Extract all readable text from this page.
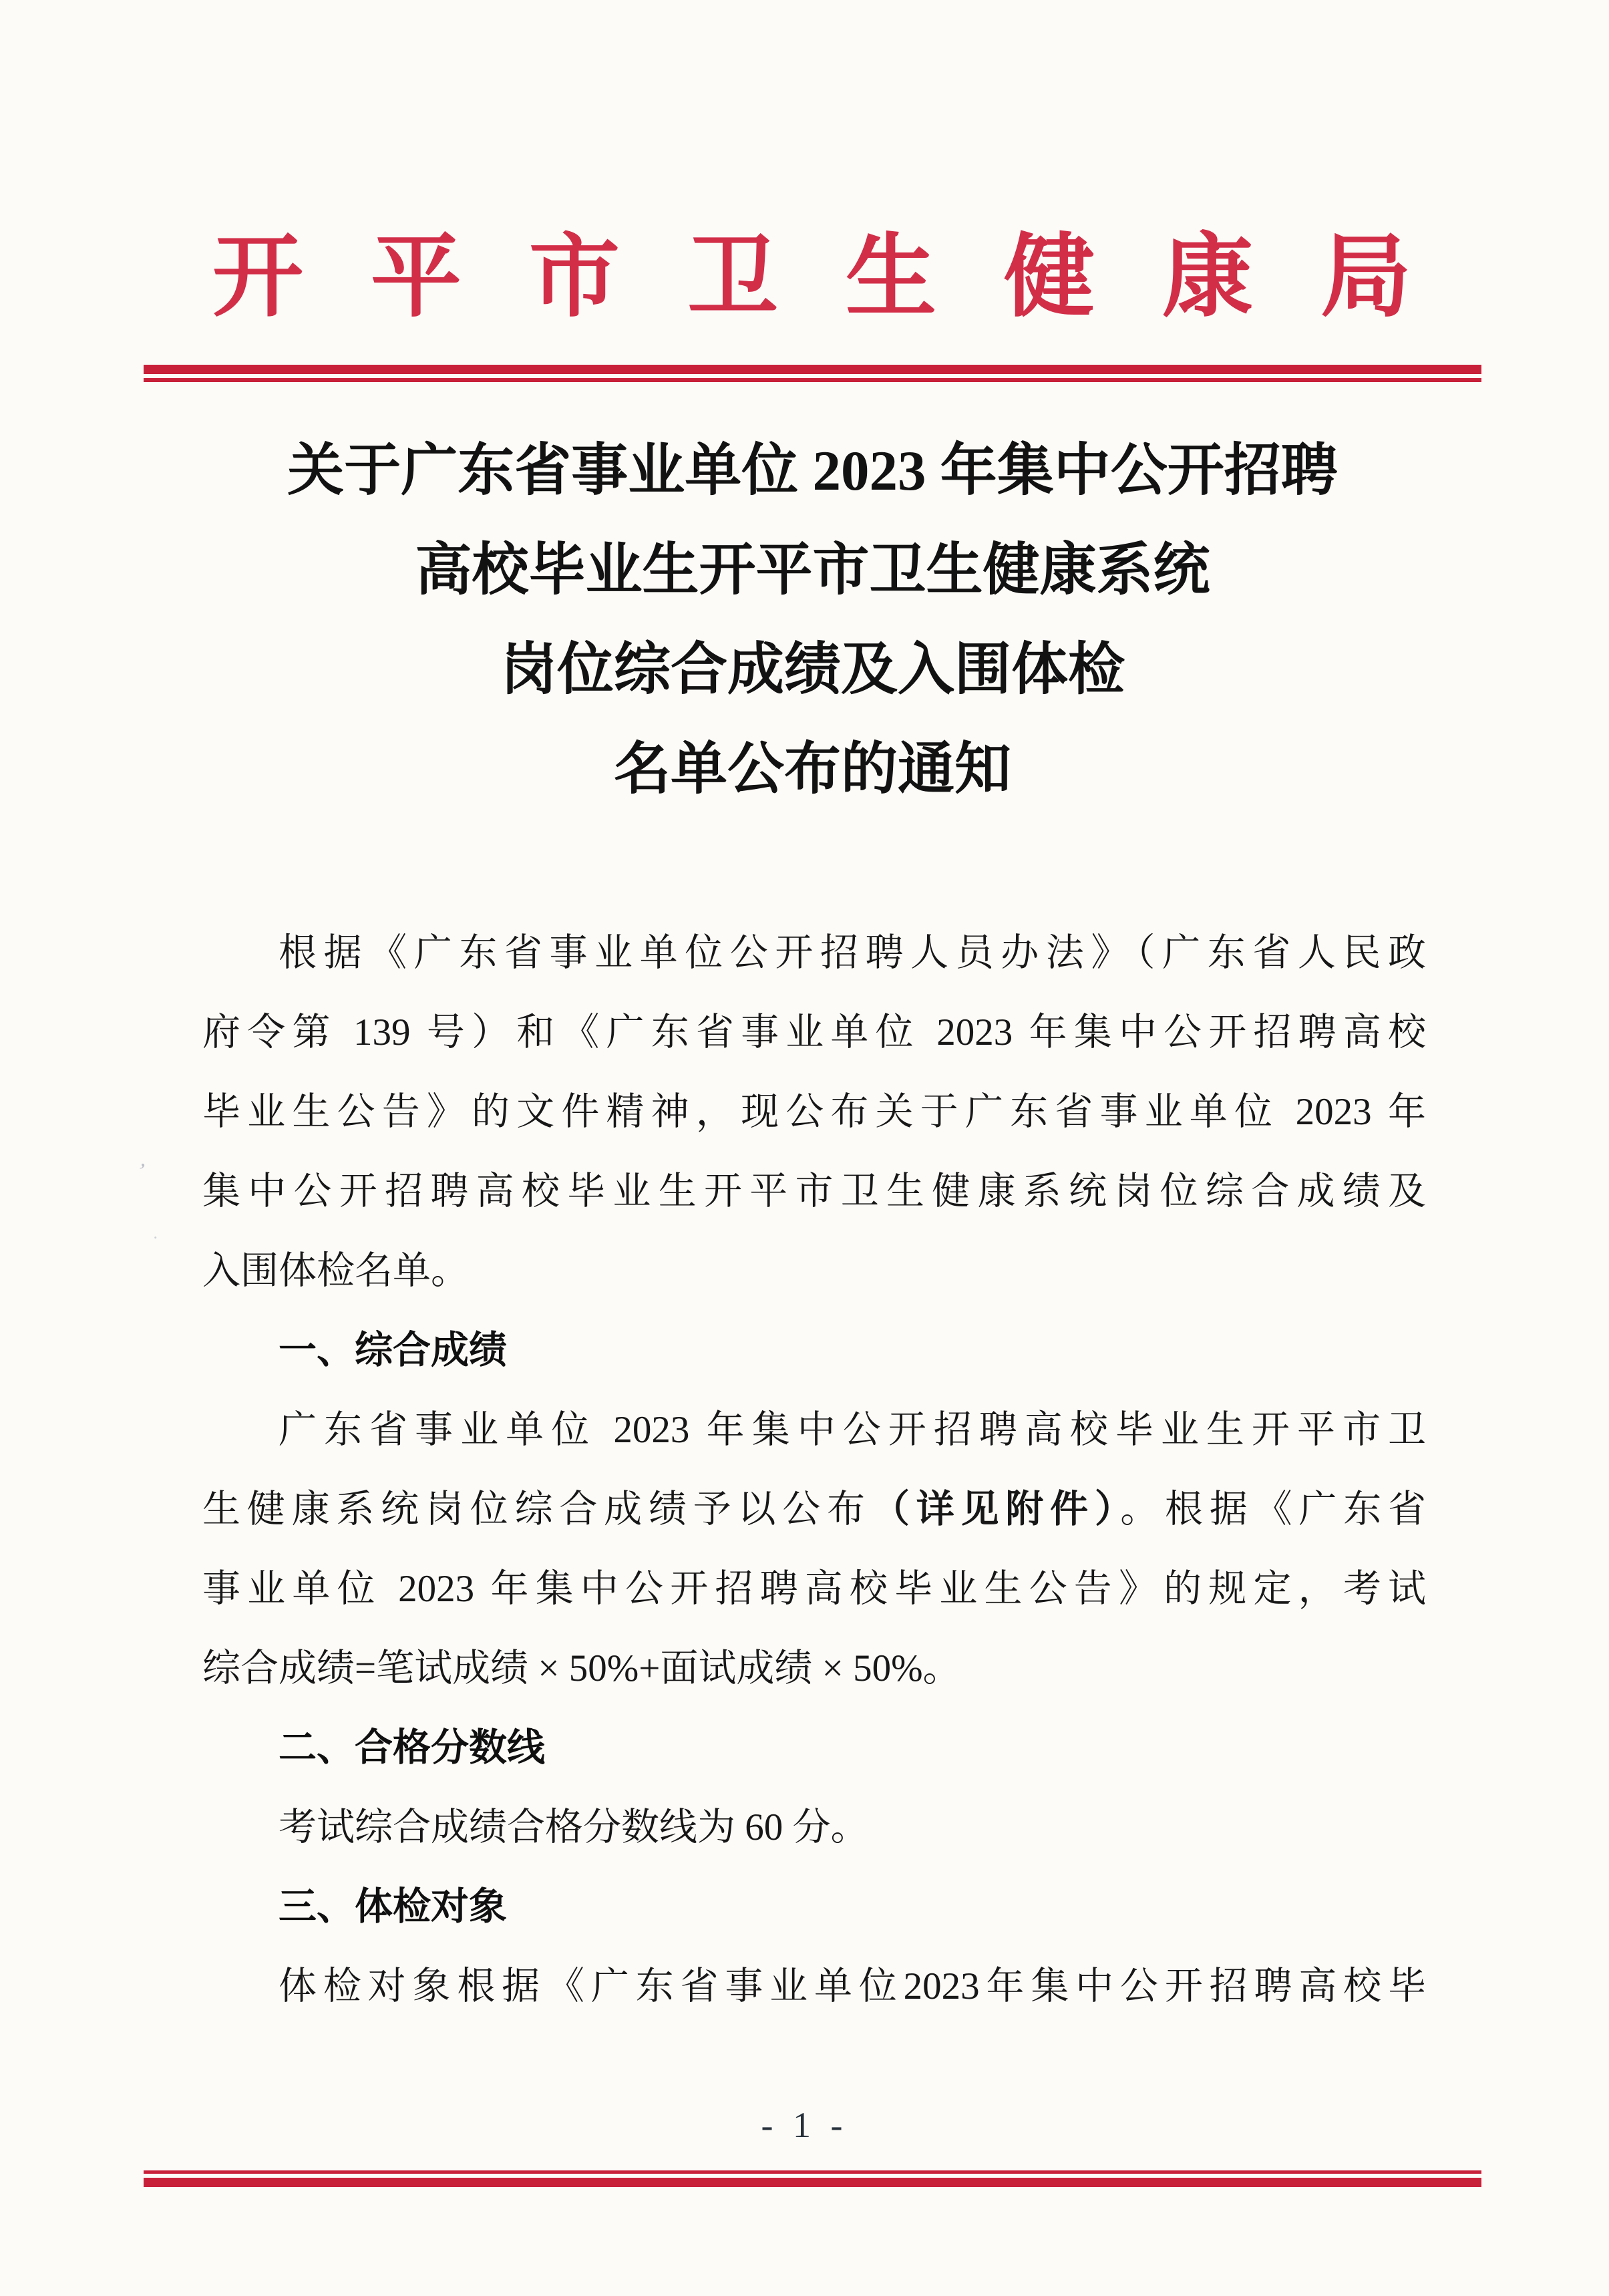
开 平 市 卫 生 健 康 局
关于广东省事业单位 2023 年集中公开招聘
高校毕业生开平市卫生健康系统
岗位综合成绩及入围体检
名单公布的通知
根据《广东省事业单位公开招聘人员办法》（广东省人民政
府令第 139 号）和《广东省事业单位 2023 年集中公开招聘高校
毕业生公告》的文件精神，现公布关于广东省事业单位 2023 年
集中公开招聘高校毕业生开平市卫生健康系统岗位综合成绩及
入围体检名单。
一、综合成绩
广东省事业单位 2023 年集中公开招聘高校毕业生开平市卫
生健康系统岗位综合成绩予以公布（详见附件）。根据《广东省
事业单位 2023 年集中公开招聘高校毕业生公告》的规定，考试
综合成绩=笔试成绩 × 50%+面试成绩 × 50%。
二、合格分数线
考试综合成绩合格分数线为 60 分。
三、体检对象
体检对象根据《广东省事业单位2023年集中公开招聘高校毕
’
·
- 1 -
